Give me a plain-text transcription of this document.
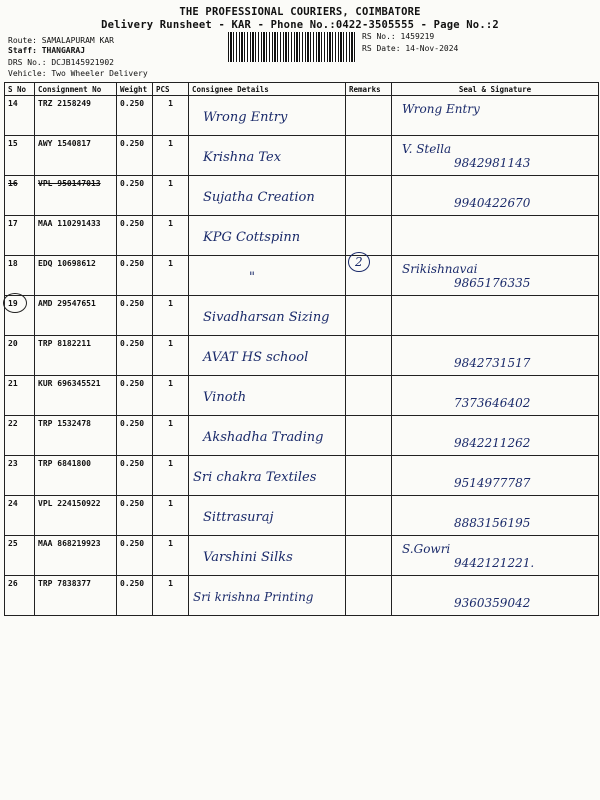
THE PROFESSIONAL COURIERS, COIMBATORE
Delivery Runsheet - KAR - Phone No.:0422-3505555 - Page No.:2
Route: SAMALAPURAM KAR
Staff: THANGARAJ
DRS No.: DCJB145921902
Vehicle: Two Wheeler Delivery
RS No.: 1459219
RS Date: 14-Nov-2024
S No	Consignment No	Weight	PCS	Consignee Details	Remarks	Seal & Signature
14	TRZ 2158249	0.250	1	Wrong Entry		Wrong Entry

15	AWY 1540817	0.250	1	Krishna Tex		V. Stella
9842981143

16	VPL 950147013	0.250	1	Sujatha Creation		9940422670

17	MAA 110291433	0.250	1	KPG Cottspinn		

18	EDQ 10698612	0.250	1	"	2	Srikishnavai
9865176335

19	AMD 29547651	0.250	1	Sivadharsan Sizing		

20	TRP 8182211	0.250	1	AVAT HS school		9842731517

21	KUR 696345521	0.250	1	Vinoth		7373646402

22	TRP 1532478	0.250	1	Akshadha Trading		9842211262

23	TRP 6841800	0.250	1	Sri chakra Textiles		9514977787

24	VPL 224150922	0.250	1	Sittrasuraj		8883156195

25	MAA 868219923	0.250	1	Varshini Silks		S.Gowri
9442121221.

26	TRP 7838377	0.250	1	Sri krishna Printing		9360359042
